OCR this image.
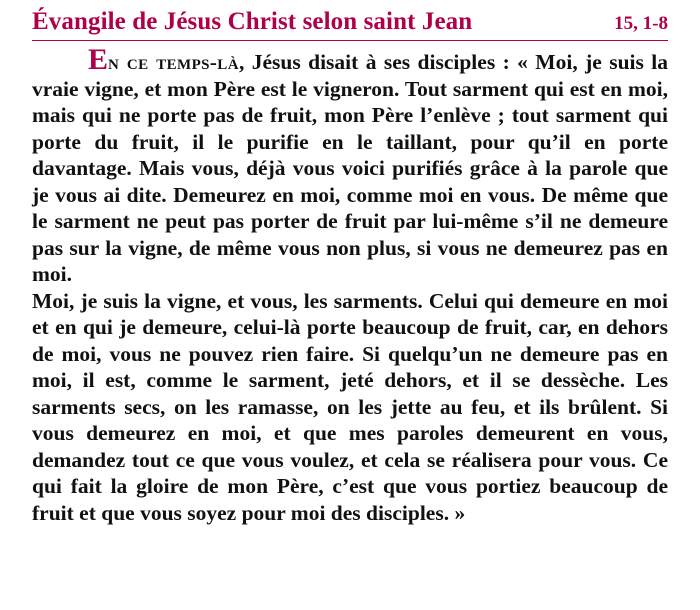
Évangile de Jésus Christ selon saint Jean	15, 1-8

En ce temps-là, Jésus disait à ses disciples : « Moi, je suis la vraie vigne, et mon Père est le vigneron. Tout sarment qui est en moi, mais qui ne porte pas de fruit, mon Père l’enlève ; tout sarment qui porte du fruit, il le purifie en le taillant, pour qu’il en porte davantage. Mais vous, déjà vous voici purifiés grâce à la parole que je vous ai dite. Demeurez en moi, comme moi en vous. De même que le sarment ne peut pas porter de fruit par lui-même s’il ne demeure pas sur la vigne, de même vous non plus, si vous ne demeurez pas en moi.

Moi, je suis la vigne, et vous, les sarments. Celui qui demeure en moi et en qui je demeure, celui-là porte beaucoup de fruit, car, en dehors de moi, vous ne pouvez rien faire. Si quelqu’un ne demeure pas en moi, il est, comme le sarment, jeté dehors, et il se dessèche. Les sarments secs, on les ramasse, on les jette au feu, et ils brûlent. Si vous demeurez en moi, et que mes paroles demeurent en vous, demandez tout ce que vous voulez, et cela se réalisera pour vous. Ce qui fait la gloire de mon Père, c’est que vous portiez beaucoup de fruit et que vous soyez pour moi des disciples. »
